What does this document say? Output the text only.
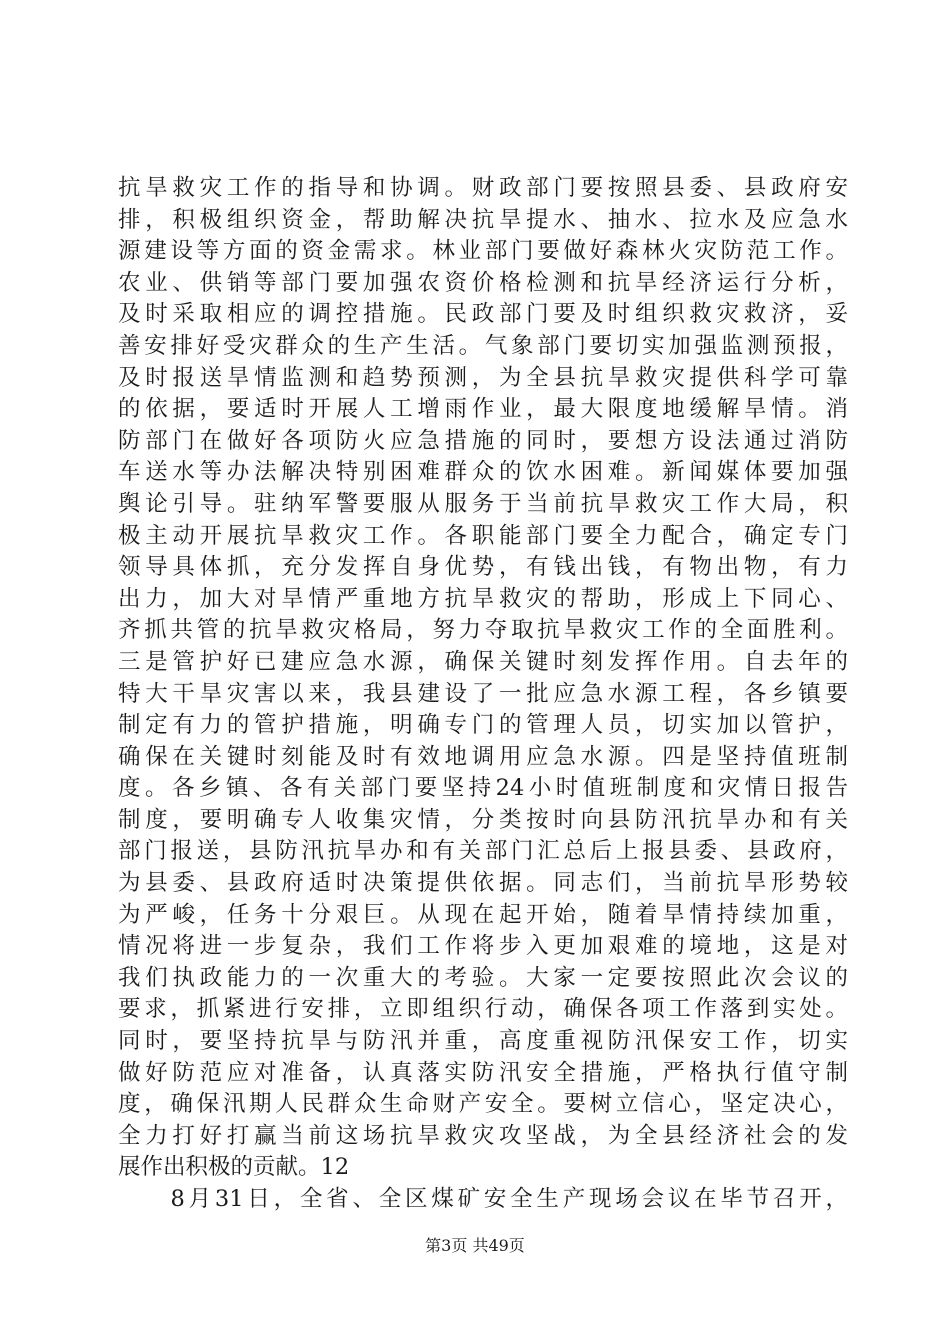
抗旱救灾工作的指导和协调。财政部门要按照县委、县政府安
排，积极组织资金，帮助解决抗旱提水、抽水、拉水及应急水
源建设等方面的资金需求。林业部门要做好森林火灾防范工作。
农业、供销等部门要加强农资价格检测和抗旱经济运行分析，
及时采取相应的调控措施。民政部门要及时组织救灾救济，妥
善安排好受灾群众的生产生活。气象部门要切实加强监测预报，
及时报送旱情监测和趋势预测，为全县抗旱救灾提供科学可靠
的依据，要适时开展人工增雨作业，最大限度地缓解旱情。消
防部门在做好各项防火应急措施的同时，要想方设法通过消防
车送水等办法解决特别困难群众的饮水困难。新闻媒体要加强
舆论引导。驻纳军警要服从服务于当前抗旱救灾工作大局，积
极主动开展抗旱救灾工作。各职能部门要全力配合，确定专门
领导具体抓，充分发挥自身优势，有钱出钱，有物出物，有力
出力，加大对旱情严重地方抗旱救灾的帮助，形成上下同心、
齐抓共管的抗旱救灾格局，努力夺取抗旱救灾工作的全面胜利。
三是管护好已建应急水源，确保关键时刻发挥作用。自去年的
特大干旱灾害以来，我县建设了一批应急水源工程，各乡镇要
制定有力的管护措施，明确专门的管理人员，切实加以管护，
确保在关键时刻能及时有效地调用应急水源。四是坚持值班制
度。各乡镇、各有关部门要坚持24小时值班制度和灾情日报告
制度，要明确专人收集灾情，分类按时向县防汛抗旱办和有关
部门报送，县防汛抗旱办和有关部门汇总后上报县委、县政府，
为县委、县政府适时决策提供依据。同志们，当前抗旱形势较
为严峻，任务十分艰巨。从现在起开始，随着旱情持续加重，
情况将进一步复杂，我们工作将步入更加艰难的境地，这是对
我们执政能力的一次重大的考验。大家一定要按照此次会议的
要求，抓紧进行安排，立即组织行动，确保各项工作落到实处。
同时，要坚持抗旱与防汛并重，高度重视防汛保安工作，切实
做好防范应对准备，认真落实防汛安全措施，严格执行值守制
度，确保汛期人民群众生命财产安全。要树立信心，坚定决心，
全力打好打赢当前这场抗旱救灾攻坚战，为全县经济社会的发
展作出积极的贡献。12
　　8月31日，全省、全区煤矿安全生产现场会议在毕节召开，
第3页 共49页
